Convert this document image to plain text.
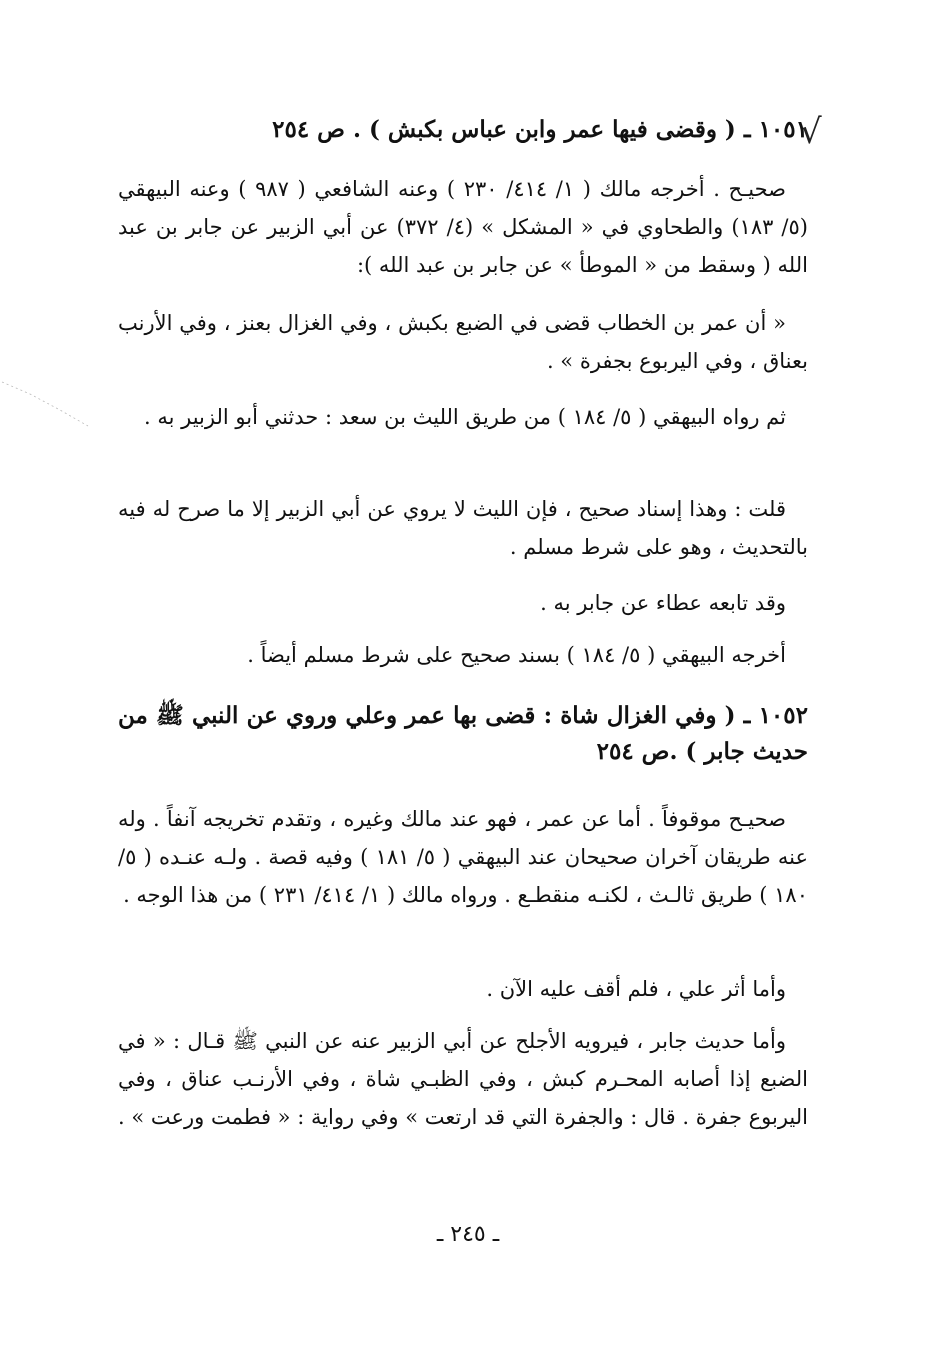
√

١٠٥١ ـ ( وقضى فيها عمر وابن عباس بكبش ) . ص ٢٥٤

صحيـح . أخرجه مالك ( ١/ ٤١٤/ ٢٣٠ ) وعنه الشافعي ( ٩٨٧ ) وعنه البيهقي (٥/ ١٨٣) والطحاوي في « المشكل » (٤/ ٣٧٢) عن أبي الزبير عن جابر بن عبد الله ( وسقط من « الموطأ » عن جابر بن عبد الله ):

« أن عمر بن الخطاب قضى في الضبع بكبش ، وفي الغزال بعنز ، وفي الأرنب بعناق ، وفي اليربوع بجفرة » .

ثم رواه البيهقي ( ٥/ ١٨٤ ) من طريق الليث بن سعد : حدثني أبو الزبير به .

قلت : وهذا إسناد صحيح ، فإن الليث لا يروي عن أبي الزبير إلا ما صرح له فيه بالتحديث ، وهو على شرط مسلم .

وقد تابعه عطاء عن جابر به .

أخرجه البيهقي ( ٥/ ١٨٤ ) بسند صحيح على شرط مسلم أيضاً .

١٠٥٢ ـ ( وفي الغزال شاة : قضى بها عمر وعلي وروي عن النبي ﷺ من حديث جابر ) .ص ٢٥٤

صحيـح موقوفاً . أما عن عمر ، فهو عند مالك وغيره ، وتقدم تخريجه آنفاً . وله عنه طريقان آخران صحيحان عند البيهقي ( ٥/ ١٨١ ) وفيه قصة . ولـه عنـده ( ٥/ ١٨٠ ) طريق ثالـث ، لكنـه منقطـع . ورواه مالك ( ١/ ٤١٤/ ٢٣١ ) من هذا الوجه .

وأما أثر علي ، فلم أقف عليه الآن .

وأما حديث جابر ، فيرويه الأجلح عن أبي الزبير عنه عن النبي ﷺ قـال : « في الضبع إذا أصابه المحـرم كبش ، وفي الظبـي شاة ، وفي الأرنـب عناق ، وفي اليربوع جفرة . قال : والجفرة التي قد ارتعت » وفي رواية : « فطمت ورعت » .

ـ ٢٤٥ ـ
